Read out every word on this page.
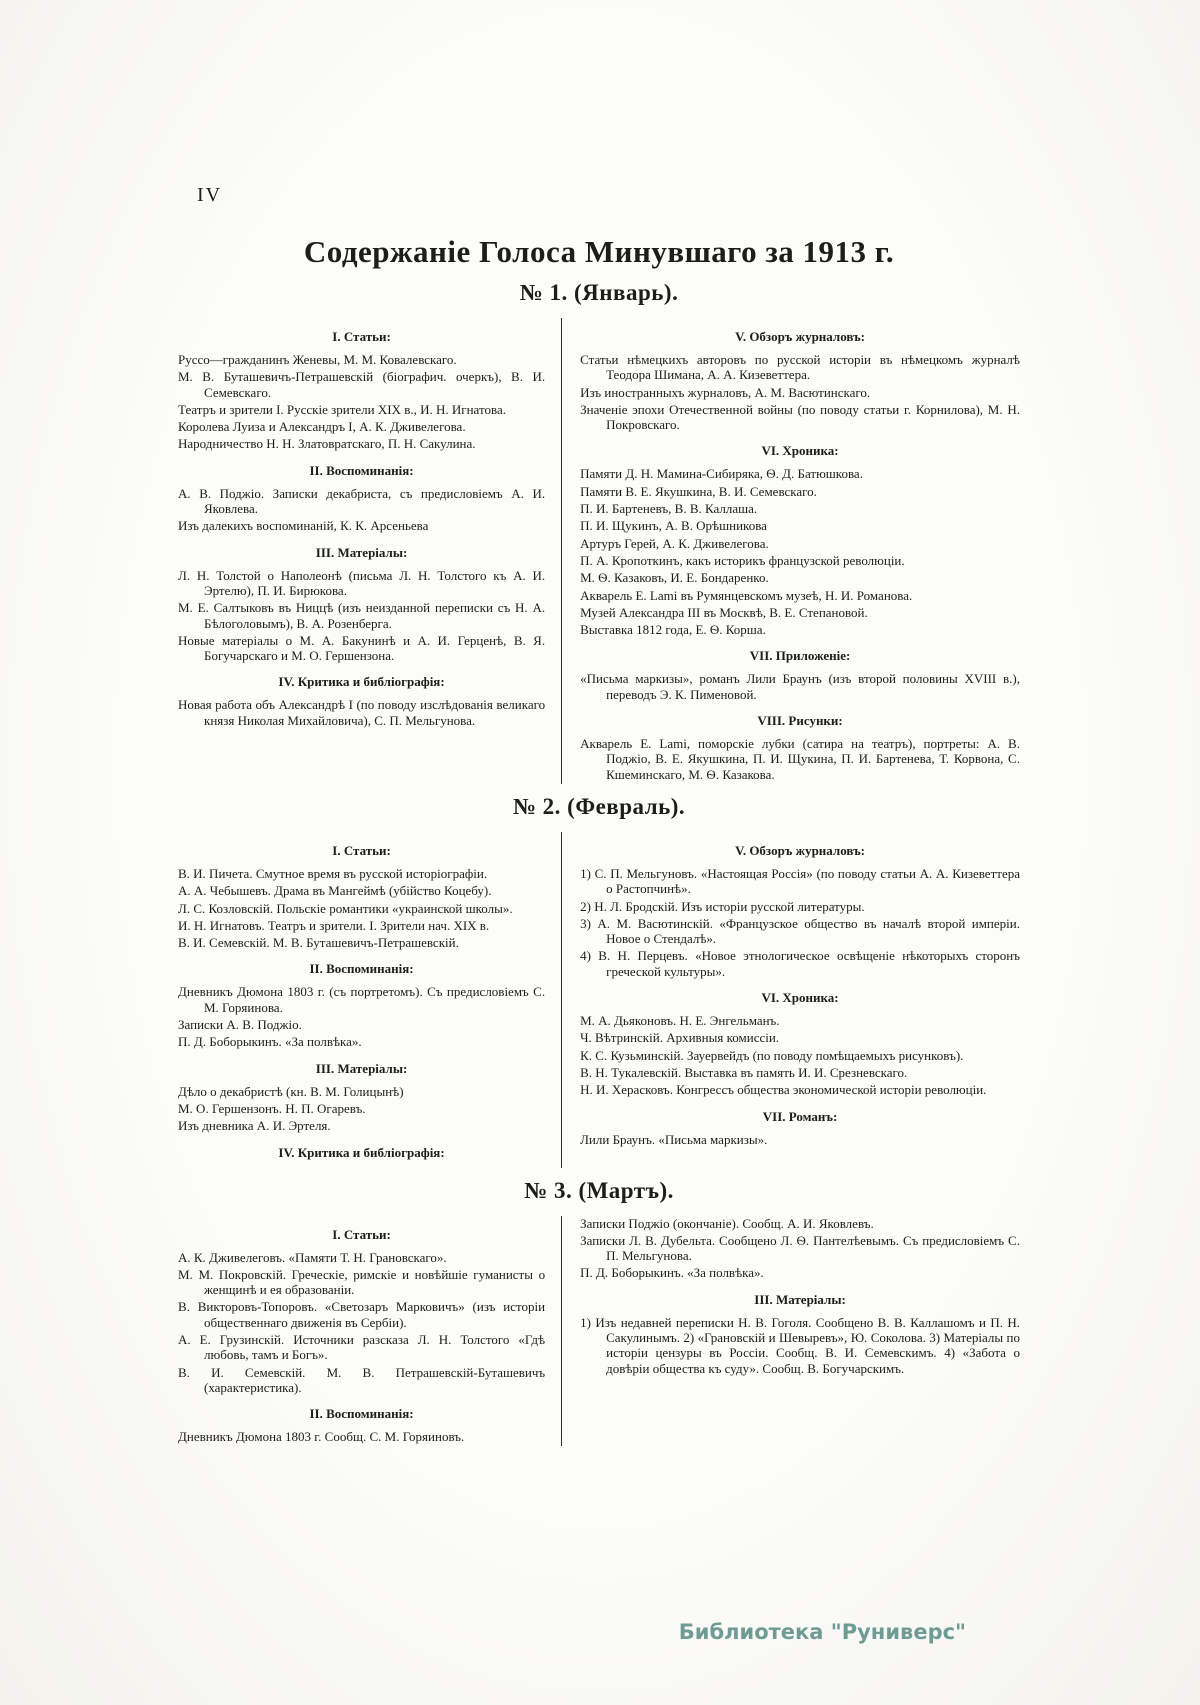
IV
Содержаніе Голоса Минувшаго за 1913 г.
№ 1. (Январь).
I. Статьи:

Руссо—гражданинъ Женевы, М. М. Ковалевскаго.

М. В. Буташевичъ-Петрашевскій (біографич. очеркъ), В. И. Семевскаго.

Театръ и зрители I. Русскіе зрители XIX в., И. Н. Игнатова.

Королева Луиза и Александръ I, А. К. Дживелегова.

Народничество Н. Н. Златовратскаго, П. Н. Сакулина.

II. Воспоминанія:

А. В. Поджіо. Записки декабриста, съ предисловіемъ А. И. Яковлева.

Изъ далекихъ воспоминаній, К. К. Арсеньева

III. Матеріалы:

Л. Н. Толстой о Наполеонѣ (письма Л. Н. Толстого къ А. И. Эртелю), П. И. Бирюкова.

М. Е. Салтыковъ въ Ниццѣ (изъ неизданной переписки съ Н. А. Бѣлоголовымъ), В. А. Розенберга.

Новые матеріалы о М. А. Бакунинѣ и А. И. Герценѣ, В. Я. Богучарскаго и М. О. Гершензона.

IV. Критика и библіографія:

Новая работа объ Александрѣ I (по поводу изслѣдованія великаго князя Николая Михайловича), С. П. Мельгунова.

V. Обзоръ журналовъ:

Статьи нѣмецкихъ авторовъ по русской исторіи въ нѣмецкомъ журналѣ Теодора Шимана, А. А. Кизеветтера.

Изъ иностранныхъ журналовъ, А. М. Васютинскаго.

Значеніе эпохи Отечественной войны (по поводу статьи г. Корнилова), М. Н. Покровскаго.

VI. Хроника:

Памяти Д. Н. Мамина-Сибиряка, Ѳ. Д. Батюшкова.

Памяти В. Е. Якушкина, В. И. Семевскаго.

П. И. Бартеневъ, В. В. Каллаша.

П. И. Щукинъ, А. В. Орѣшникова

Артуръ Герей, А. К. Дживелегова.

П. А. Кропоткинъ, какъ историкъ французской революціи.

М. Ѳ. Казаковъ, И. Е. Бондаренко.

Акварель E. Lami въ Румянцевскомъ музеѣ, Н. И. Романова.

Музей Александра III въ Москвѣ, В. Е. Степановой.

Выставка 1812 года, Е. Ѳ. Корша.

VII. Приложеніе:

«Письма маркизы», романъ Лили Браунъ (изъ второй половины XVIII в.), переводъ Э. К. Пименовой.

VIII. Рисунки:

Акварель E. Lami, поморскіе лубки (сатира на театръ), портреты: А. В. Поджіо, В. Е. Якушкина, П. И. Щукина, П. И. Бартенева, Т. Корвона, С. Кшеминскаго, М. Ѳ. Казакова.

№ 2. (Февраль).
I. Статьи:

В. И. Пичета. Смутное время въ русской исторіографіи.

А. А. Чебышевъ. Драма въ Мангеймѣ (убійство Коцебу).

Л. С. Козловскій. Польскіе романтики «украинской школы».

И. Н. Игнатовъ. Театръ и зрители. I. Зрители нач. XIX в.

В. И. Семевскій. М. В. Буташевичъ-Петрашевскій.

II. Воспоминанія:

Дневникъ Дюмона 1803 г. (съ портретомъ). Съ предисловіемъ С. М. Горяинова.

Записки А. В. Поджіо.

П. Д. Боборыкинъ. «За полвѣка».

III. Матеріалы:

Дѣло о декабристѣ (кн. В. М. Голицынѣ)

М. О. Гершензонъ. Н. П. Огаревъ.

Изъ дневника А. И. Эртеля.

IV. Критика и библіографія:
V. Обзоръ журналовъ:

1) С. П. Мельгуновъ. «Настоящая Россія» (по поводу статьи А. А. Кизеветтера о Растопчинѣ».

2) Н. Л. Бродскій. Изъ исторіи русской литературы.

3) А. М. Васютинскій. «Французское общество въ началѣ второй имперіи. Новое о Стендалѣ».

4) В. Н. Перцевъ. «Новое этнологическое освѣщеніе нѣкоторыхъ сторонъ греческой культуры».

VI. Хроника:

М. А. Дьяконовъ. Н. Е. Энгельманъ.

Ч. Вѣтринскій. Архивныя комиссіи.

К. С. Кузьминскій. Зауервейдъ (по поводу помѣщаемыхъ рисунковъ).

В. Н. Тукалевскій. Выставка въ память И. И. Срезневскаго.

Н. И. Херасковъ. Конгрессъ общества экономической исторіи революціи.

VII. Романъ:

Лили Браунъ. «Письма маркизы».

№ 3. (Мартъ).
I. Статьи:

А. К. Дживелеговъ. «Памяти Т. Н. Грановскаго».

М. М. Покровскій. Греческіе, римскіе и новѣйшіе гуманисты о женщинѣ и ея образованіи.

В. Викторовъ-Топоровъ. «Светозаръ Марковичъ» (изъ исторіи общественнаго движенія въ Сербіи).

А. Е. Грузинскій. Источники разсказа Л. Н. Толстого «Гдѣ любовь, тамъ и Богъ».

В. И. Семевскій. М. В. Петрашевскій-Буташевичъ (характеристика).

II. Воспоминанія:

Дневникъ Дюмона 1803 г. Сообщ. С. М. Горяиновъ.

Записки Поджіо (окончаніе). Сообщ. А. И. Яковлевъ.

Записки Л. В. Дубельта. Сообщено Л. Ѳ. Пантелѣевымъ. Съ предисловіемъ С. П. Мельгунова.

П. Д. Боборыкинъ. «За полвѣка».

III. Матеріалы:

1) Изъ недавней переписки Н. В. Гоголя. Сообщено В. В. Каллашомъ и П. Н. Сакулинымъ. 2) «Грановскій и Шевыревъ», Ю. Соколова. 3) Матеріалы по исторіи цензуры въ Россіи. Сообщ. В. И. Семевскимъ. 4) «Забота о довѣріи общества къ суду». Сообщ. В. Богучарскимъ.

Библиотека "Руниверс"
